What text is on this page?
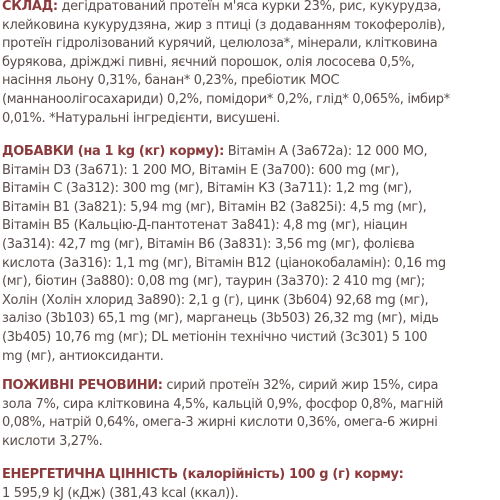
СКЛАД: дегідратований протеїн м'яса курки 23%, рис, кукурудза,
клейковина кукурудзяна, жир з птиці (з додаванням токоферолів),
протеїн гідролізований курячий, целюлоза*, мінерали, клітковина
бурякова, дріжджі пивні, яєчний порошок, олія лососева 0,5%,
насіння льону 0,31%, банан* 0,23%, пребіотик МОС
(маннаноолігосахариди) 0,2%, помідори* 0,2%, глід* 0,065%, імбир*
0,01%. *Натуральні інгредієнти, висушені.
ДОБАВКИ (на 1 kg (кг) корму): Вітамін А (3а672а): 12 000 МО,
Вітамін D3 (3а671): 1 200 МО, Вітамін Е (3а700): 600 mg (мг),
Вітамін С (3а312): 300 mg (мг), Вітамін К3 (3а711): 1,2 mg (мг),
Вітамін В1 (3а821): 5,94 mg (мг), Вітамін В2 (3а825і): 4,5 mg (мг),
Вітамін В5 (Кальцію-Д-пантотенат 3а841): 4,8 mg (мг), ніацин
(3а314): 42,7 mg (мг), Вітамін В6 (3а831): 3,56 mg (мг), фолієва
кислота (3а316): 1,1 mg (мг), Вітамін В12 (ціанокобаламін): 0,16 mg
(мг), біотин (3а880): 0,08 mg (мг), таурин (3а370): 2 410 mg (мг);
Холін (Холін хлорид 3а890): 2,1 g (г), цинк (3b604) 92,68 mg (мг),
залізо (3b103) 65,1 mg (мг), марганець (3b503) 26,32 mg (мг), мідь
(3b405) 10,76 mg (мг); DL метіонін технічно чистий (3c301) 5 100
mg (мг), антиоксиданти.
ПОЖИВНІ РЕЧОВИНИ: сирий протеїн 32%, сирий жир 15%, сира
зола 7%, сира клітковина 4,5%, кальцій 0,9%, фосфор 0,8%, магній
0,08%, натрій 0,64%, омега-3 жирні кислоти 0,36%, омега-6 жирні
кислоти 3,27%.
ЕНЕРГЕТИЧНА ЦІННІСТЬ (калорійність) 100 g (г) корму:
1 595,9 kJ (кДж) (381,43 kcal (ккал)).
